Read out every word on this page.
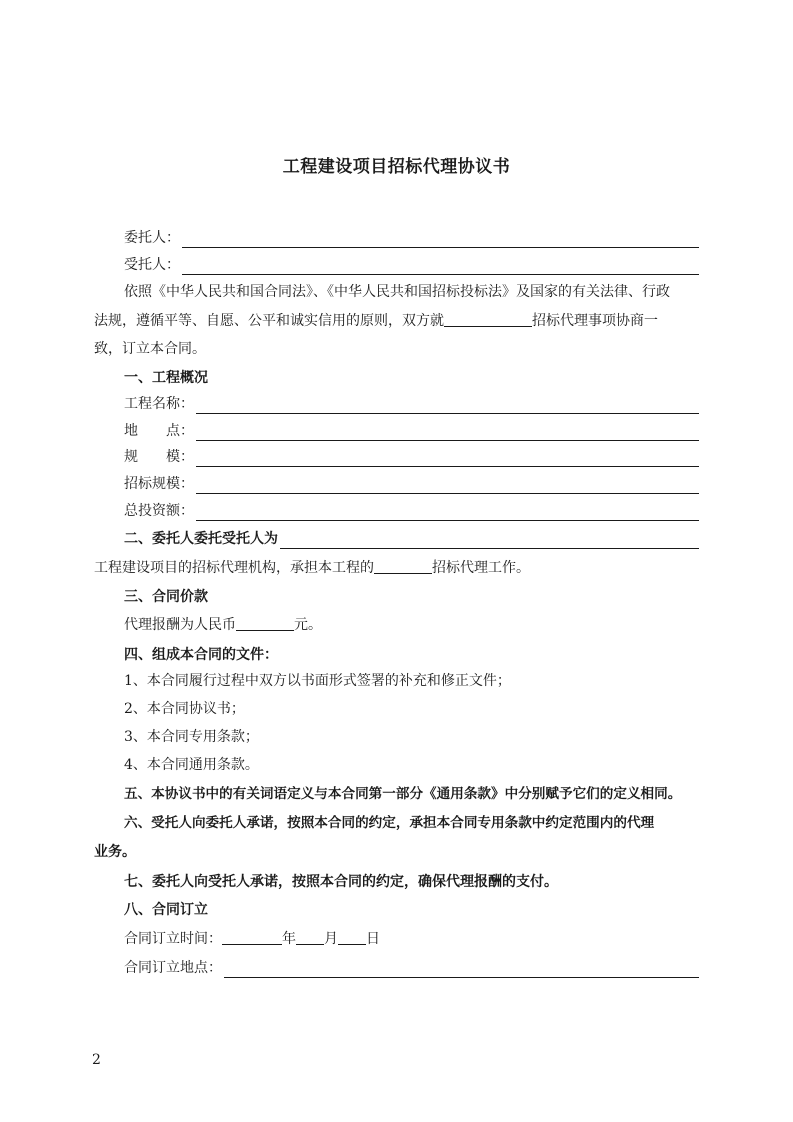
工程建设项目招标代理协议书
委托人：
受托人：
依照《中华人民共和国合同法》、《中华人民共和国招标投标法》及国家的有关法律、行政
法规，遵循平等、自愿、公平和诚实信用的原则，双方就	招标代理事项协商一
致，订立本合同。
一、工程概况
工程名称：
地　　点：
规　　模：
招标规模：
总投资额：
二、委托人委托受托人为
工程建设项目的招标代理机构，承担本工程的	招标代理工作。
三、合同价款
代理报酬为人民币	元。
四、组成本合同的文件：
1、本合同履行过程中双方以书面形式签署的补充和修正文件；
2、本合同协议书；
3、本合同专用条款；
4、本合同通用条款。
五、本协议书中的有关词语定义与本合同第一部分《通用条款》中分别赋予它们的定义相同。
六、受托人向委托人承诺，按照本合同的约定，承担本合同专用条款中约定范围内的代理
业务。
七、委托人向受托人承诺，按照本合同的约定，确保代理报酬的支付。
八、合同订立
合同订立时间：	年 月 日
合同订立地点：
2
